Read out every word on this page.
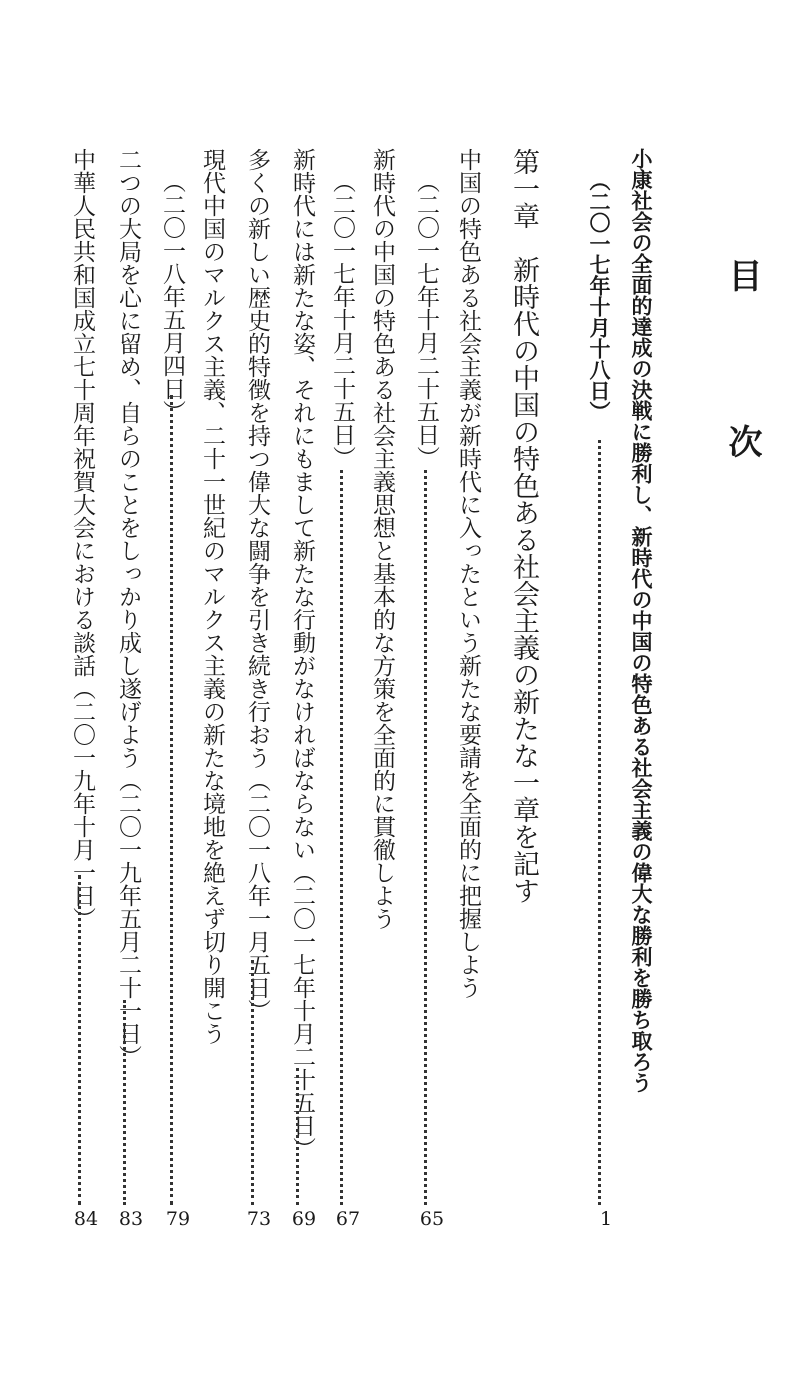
目 次
小康社会の全面的達成の決戦に勝利し、新時代の中国の特色ある社会主義の偉大な勝利を勝ち取ろう
（二〇一七年十月十八日）
1
第一章　新時代の中国の特色ある社会主義の新たな一章を記す
中国の特色ある社会主義が新時代に入ったという新たな要請を全面的に把握しよう
（二〇一七年十月二十五日）
65
新時代の中国の特色ある社会主義思想と基本的な方策を全面的に貫徹しよう
（二〇一七年十月二十五日）
67
新時代には新たな姿、それにもまして新たな行動がなければならない（二〇一七年十月二十五日）
69
多くの新しい歴史的特徴を持つ偉大な闘争を引き続き行おう（二〇一八年一月五日）
73
現代中国のマルクス主義、二十一世紀のマルクス主義の新たな境地を絶えず切り開こう
（二〇一八年五月四日）
79
二つの大局を心に留め、自らのことをしっかり成し遂げよう（二〇一九年五月二十一日）
83
中華人民共和国成立七十周年祝賀大会における談話（二〇一九年十月一日）
84
